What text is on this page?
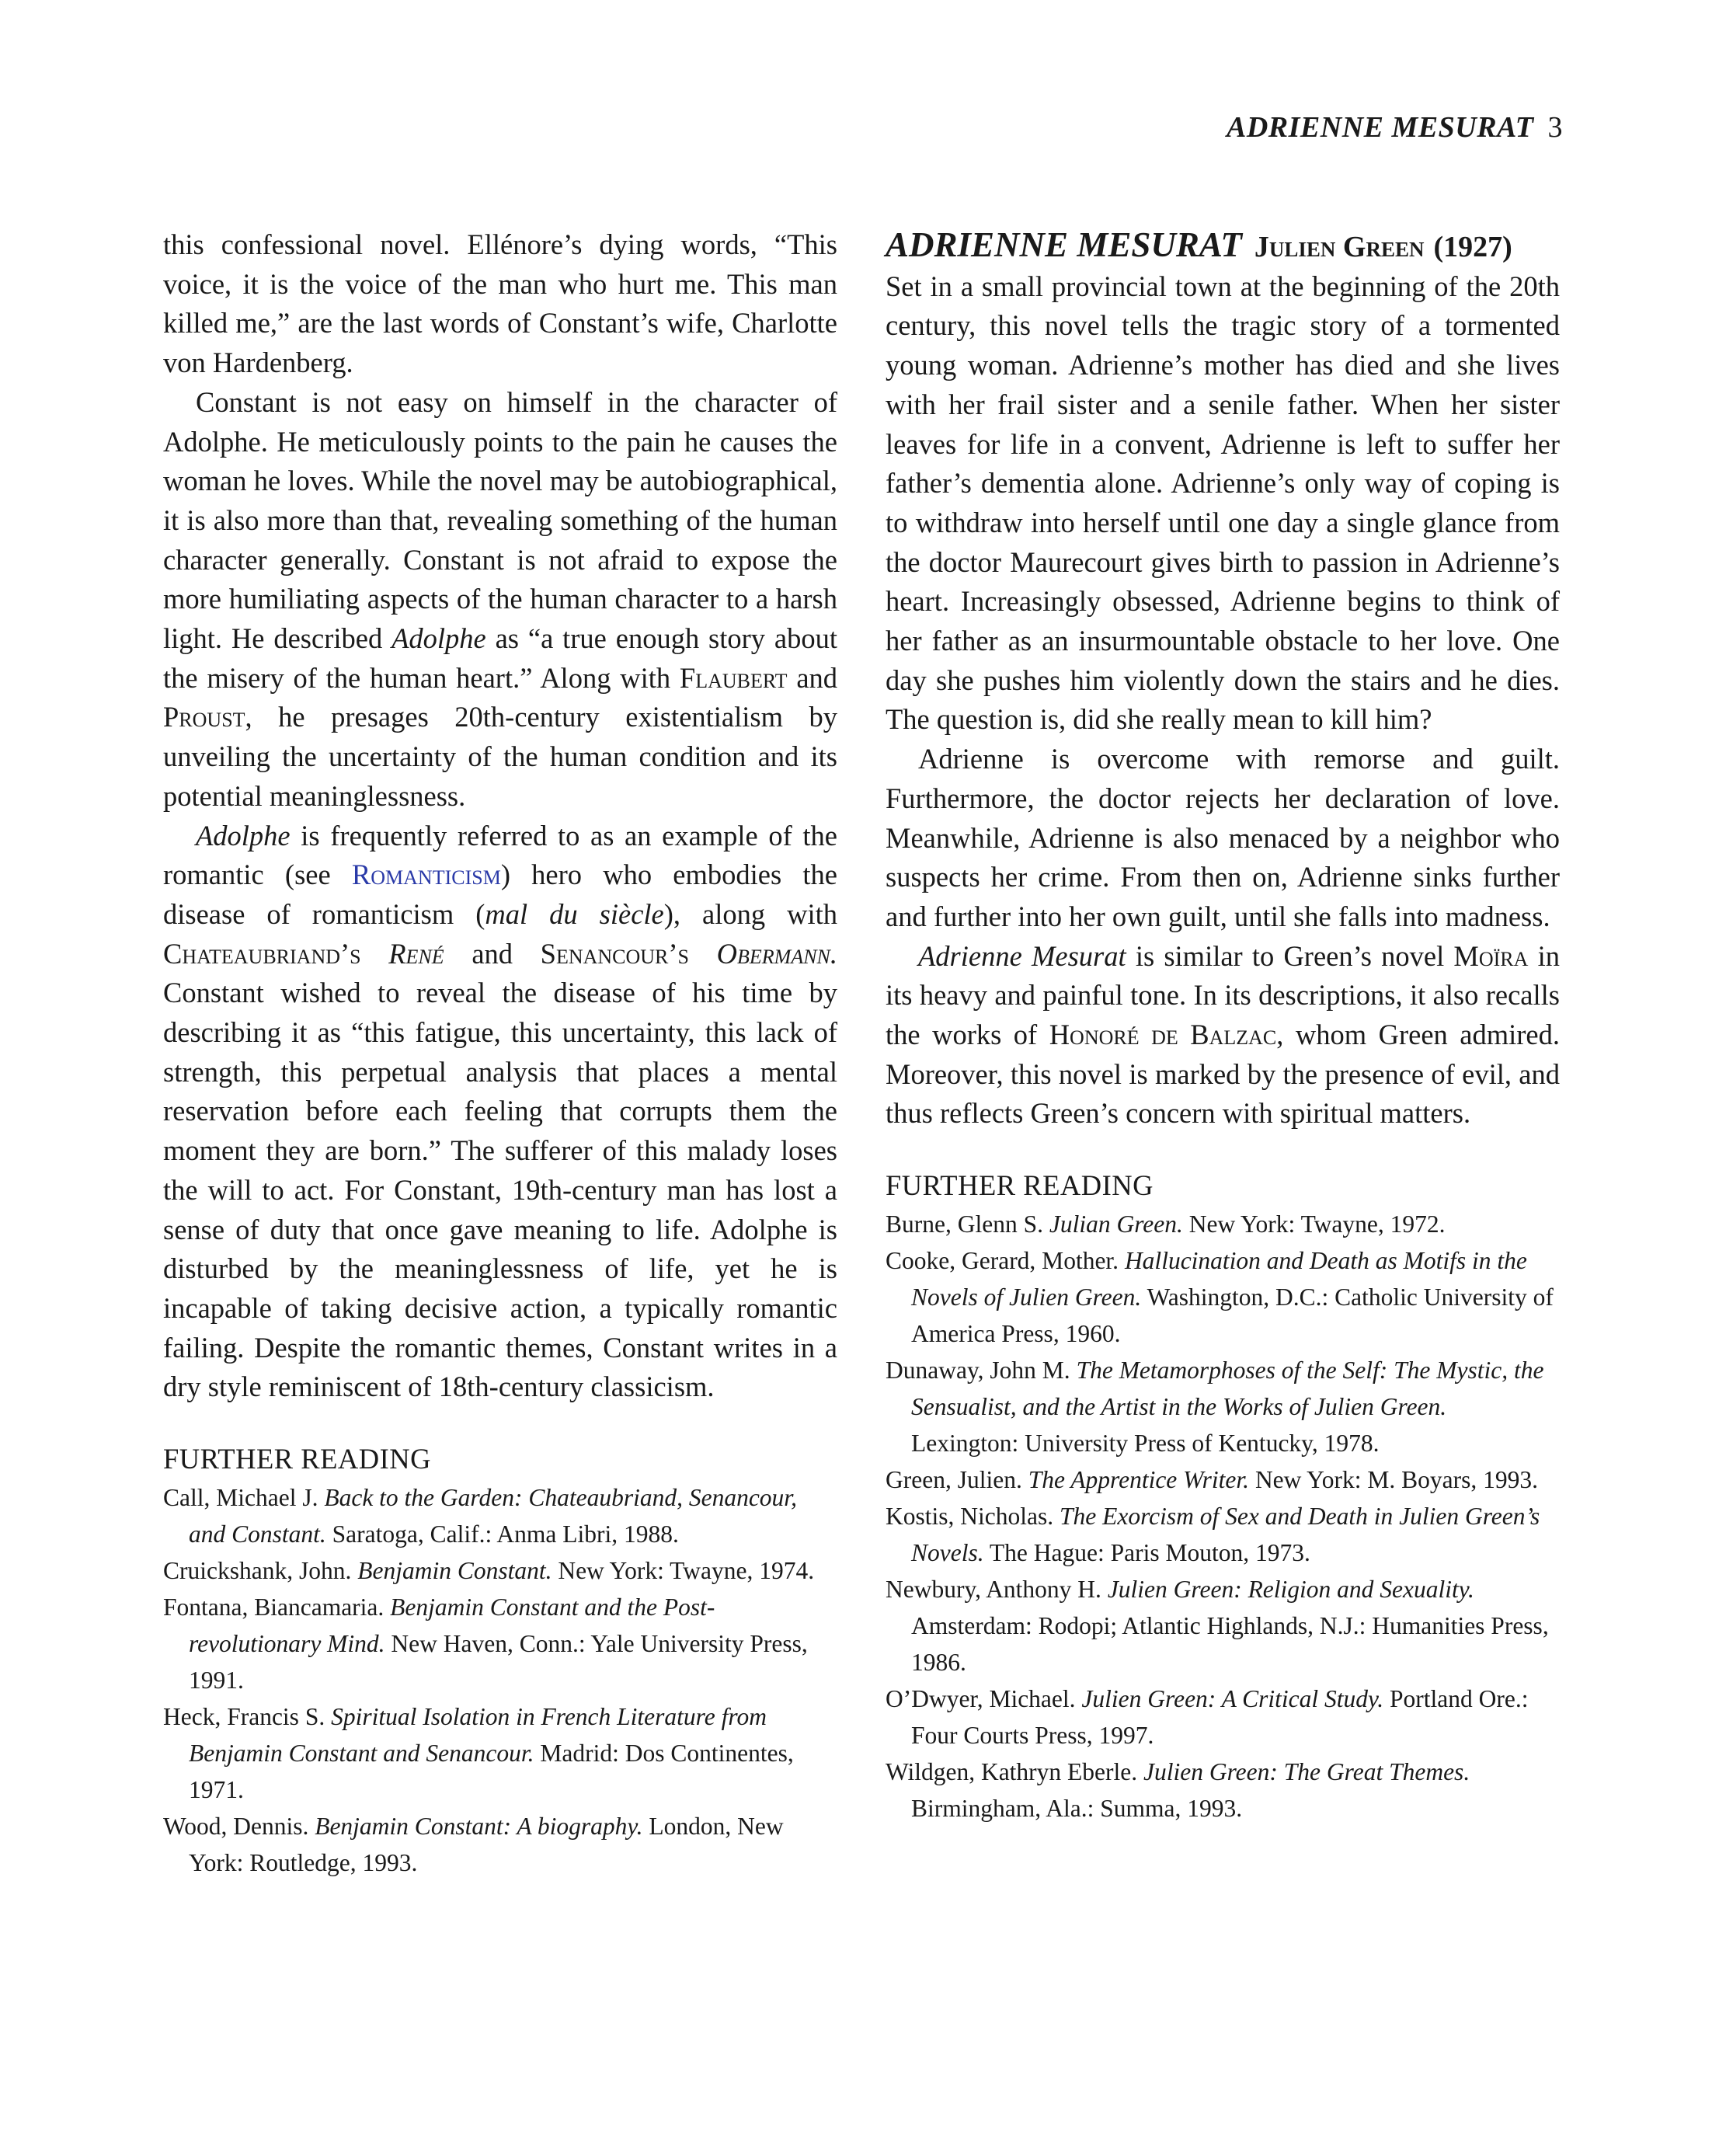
ADRIENNE MESURAT 3

this confessional novel. Ellénore’s dying words, “This voice, it is the voice of the man who hurt me. This man killed me,” are the last words of Constant’s wife, Charlotte von Hardenberg.

Constant is not easy on himself in the character of Adolphe. He meticulously points to the pain he causes the woman he loves. While the novel may be autobiographical, it is also more than that, revealing something of the human character generally. Constant is not afraid to expose the more humiliating aspects of the human character to a harsh light. He described Adolphe as “a true enough story about the misery of the human heart.” Along with Flaubert and Proust, he presages 20th-century existentialism by unveiling the uncertainty of the human condition and its potential meaninglessness.

Adolphe is frequently referred to as an example of the romantic (see Romanticism) hero who embodies the disease of romanticism (mal du siècle), along with Chateaubriand’s René and Senancour’s Obermann. Constant wished to reveal the disease of his time by describing it as “this fatigue, this uncertainty, this lack of strength, this perpetual analysis that places a mental reservation before each feeling that corrupts them the moment they are born.” The sufferer of this malady loses the will to act. For Constant, 19th-century man has lost a sense of duty that once gave meaning to life. Adolphe is disturbed by the meaninglessness of life, yet he is incapable of taking decisive action, a typically romantic failing. Despite the romantic themes, Constant writes in a dry style reminiscent of 18th-century classicism.

FURTHER READING

Call, Michael J. Back to the Garden: Chateaubriand, Senancour, and Constant. Saratoga, Calif.: Anma Libri, 1988.
Cruickshank, John. Benjamin Constant. New York: Twayne, 1974.
Fontana, Biancamaria. Benjamin Constant and the Post-revolutionary Mind. New Haven, Conn.: Yale University Press, 1991.
Heck, Francis S. Spiritual Isolation in French Literature from Benjamin Constant and Senancour. Madrid: Dos Continentes, 1971.
Wood, Dennis. Benjamin Constant: A biography. London, New York: Routledge, 1993.

ADRIENNE MESURAT Julien Green (1927)

Set in a small provincial town at the beginning of the 20th century, this novel tells the tragic story of a tormented young woman. Adrienne’s mother has died and she lives with her frail sister and a senile father. When her sister leaves for life in a convent, Adrienne is left to suffer her father’s dementia alone. Adrienne’s only way of coping is to withdraw into herself until one day a single glance from the doctor Maurecourt gives birth to passion in Adrienne’s heart. Increasingly obsessed, Adrienne begins to think of her father as an insurmountable obstacle to her love. One day she pushes him violently down the stairs and he dies. The question is, did she really mean to kill him?

Adrienne is overcome with remorse and guilt. Furthermore, the doctor rejects her declaration of love. Meanwhile, Adrienne is also menaced by a neighbor who suspects her crime. From then on, Adrienne sinks further and further into her own guilt, until she falls into madness.

Adrienne Mesurat is similar to Green’s novel Moïra in its heavy and painful tone. In its descriptions, it also recalls the works of Honoré de Balzac, whom Green admired. Moreover, this novel is marked by the presence of evil, and thus reflects Green’s concern with spiritual matters.

FURTHER READING

Burne, Glenn S. Julian Green. New York: Twayne, 1972.
Cooke, Gerard, Mother. Hallucination and Death as Motifs in the Novels of Julien Green. Washington, D.C.: Catholic University of America Press, 1960.
Dunaway, John M. The Metamorphoses of the Self: The Mystic, the Sensualist, and the Artist in the Works of Julien Green. Lexington: University Press of Kentucky, 1978.
Green, Julien. The Apprentice Writer. New York: M. Boyars, 1993.
Kostis, Nicholas. The Exorcism of Sex and Death in Julien Green’s Novels. The Hague: Paris Mouton, 1973.
Newbury, Anthony H. Julien Green: Religion and Sexuality. Amsterdam: Rodopi; Atlantic Highlands, N.J.: Humanities Press, 1986.
O’Dwyer, Michael. Julien Green: A Critical Study. Portland Ore.: Four Courts Press, 1997.
Wildgen, Kathryn Eberle. Julien Green: The Great Themes. Birmingham, Ala.: Summa, 1993.
